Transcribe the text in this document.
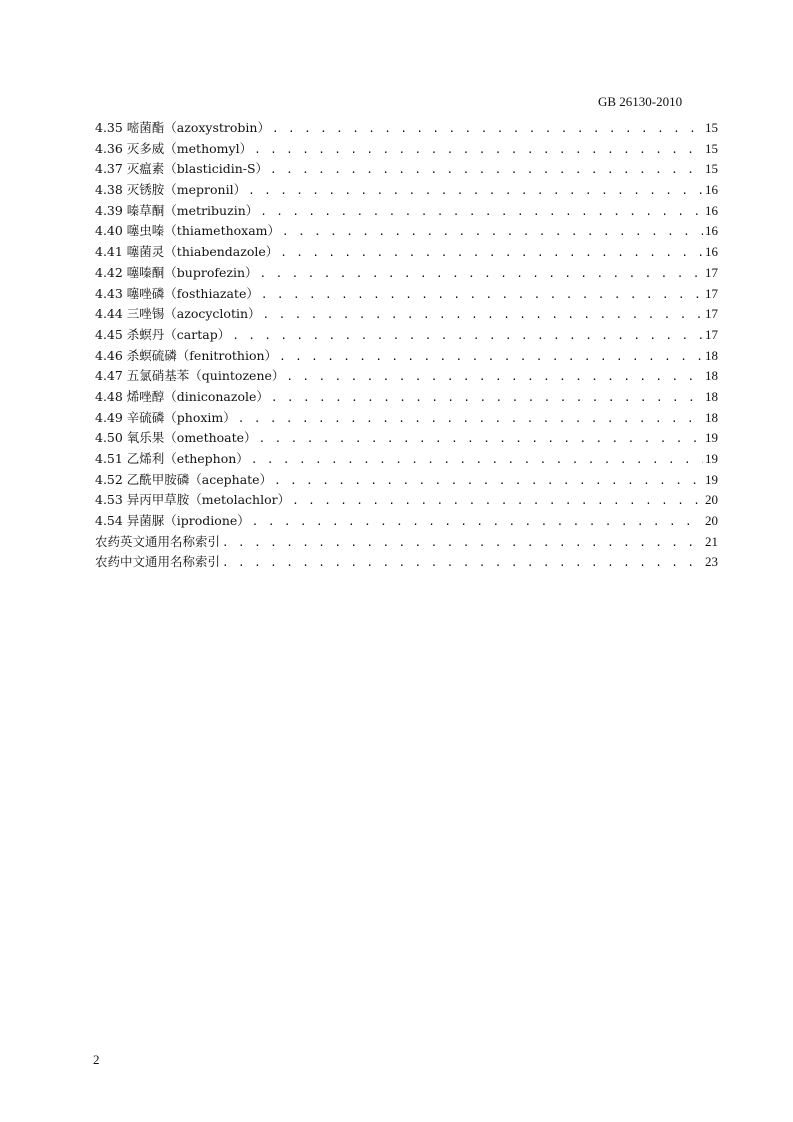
GB 26130-2010
4.35 嘧菌酯（azoxystrobin） . . .	15
4.36 灭多威（methomyl） . . .	15
4.37 灭瘟素（blasticidin-S） . . .	15
4.38 灭锈胺（mepronil） . . .	16
4.39 嗪草酮（metribuzin） . . .	16
4.40 噻虫嗪（thiamethoxam） . . .	16
4.41 噻菌灵（thiabendazole） . . .	16
4.42 噻嗪酮（buprofezin） . . .	17
4.43 噻唑磷（fosthiazate） . . .	17
4.44 三唑锡（azocyclotin） . . .	17
4.45 杀螟丹（cartap） . . .	17
4.46 杀螟硫磷（fenitrothion） . . .	18
4.47 五氯硝基苯（quintozene） . . .	18
4.48 烯唑醇（diniconazole） . . .	18
4.49 辛硫磷（phoxim） . . .	18
4.50 氧乐果（omethoate） . . .	19
4.51 乙烯利（ethephon） . . .	19
4.52 乙酰甲胺磷（acephate） . . .	19
4.53 异丙甲草胺（metolachlor） . . .	20
4.54 异菌脲（iprodione） . . .	20
农药英文通用名称索引 . . .	21
农药中文通用名称索引 . . .	23
2
